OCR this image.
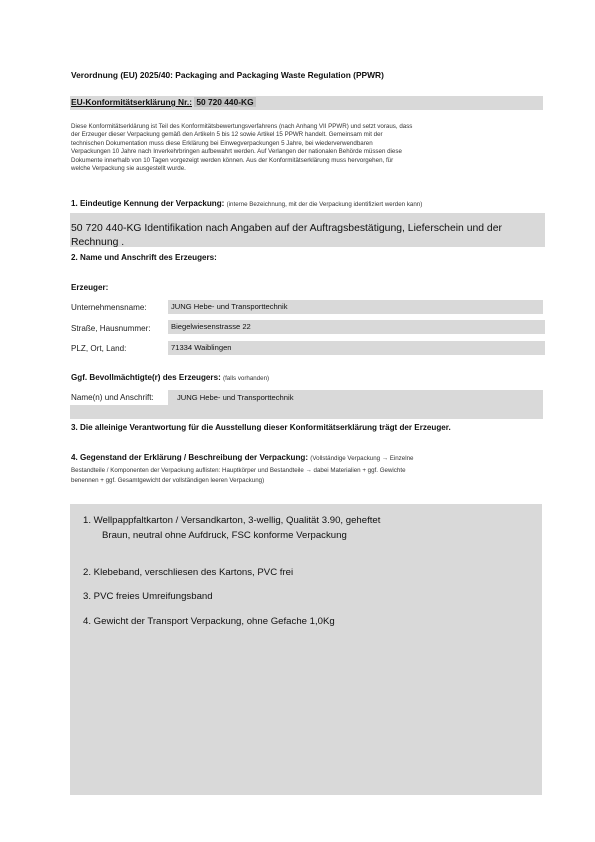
Verordnung (EU) 2025/40: Packaging and Packaging Waste Regulation (PPWR)
EU-Konformitätserklärung Nr.: 50 720 440-KG
Diese Konformitätserklärung ist Teil des Konformitätsbewertungsverfahrens (nach Anhang VII PPWR) und setzt voraus, dass
der Erzeuger dieser Verpackung gemäß den Artikeln 5 bis 12 sowie Artikel 15 PPWR handelt. Gemeinsam mit der
technischen Dokumentation muss diese Erklärung bei Einwegverpackungen 5 Jahre, bei wiederverwendbaren
Verpackungen 10 Jahre nach Inverkehrbringen aufbewahrt werden. Auf Verlangen der nationalen Behörde müssen diese
Dokumente innerhalb von 10 Tagen vorgezeigt werden können. Aus der Konformitätserklärung muss hervorgehen, für
welche Verpackung sie ausgestellt wurde.
1. Eindeutige Kennung der Verpackung: (interne Bezeichnung, mit der die Verpackung identifiziert werden kann)
50 720 440-KG Identifikation nach Angaben auf der Auftragsbestätigung, Lieferschein und der
Rechnung .
2. Name und Anschrift des Erzeugers:
Erzeuger:
Unternehmensname:	JUNG Hebe- und Transporttechnik
Straße, Hausnummer:	Biegelwiesenstrasse 22
PLZ, Ort, Land:	71334 Waiblingen
Ggf. Bevollmächtigte(r) des Erzeugers: (falls vorhanden)
Name(n) und Anschrift:	JUNG Hebe- und Transporttechnik
3. Die alleinige Verantwortung für die Ausstellung dieser Konformitätserklärung trägt der Erzeuger.
4. Gegenstand der Erklärung / Beschreibung der Verpackung: (Vollständige Verpackung → Einzelne
Bestandteile / Komponenten der Verpackung auflisten: Hauptkörper und Bestandteile → dabei Materialien + ggf. Gewichte
benennen + ggf. Gesamtgewicht der vollständigen leeren Verpackung)
1. Wellpappfaltkarton / Versandkarton, 3-wellig, Qualität 3.90, geheftet
Braun, neutral ohne Aufdruck, FSC konforme Verpackung
2. Klebeband, verschliesen des Kartons, PVC frei
3. PVC freies Umreifungsband
4. Gewicht der Transport Verpackung, ohne Gefache 1,0Kg
